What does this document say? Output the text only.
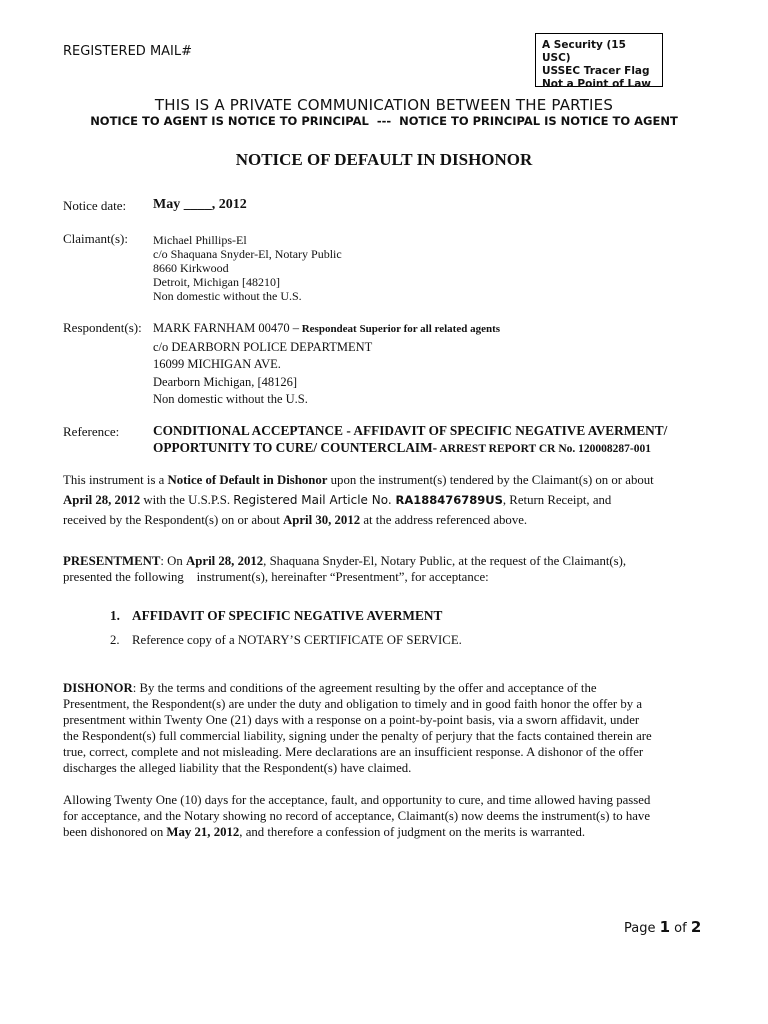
REGISTERED MAIL#	A Security (15 USC)
USSEC Tracer Flag
Not a Point of Law
THIS IS A PRIVATE COMMUNICATION BETWEEN THE PARTIES
NOTICE TO AGENT IS NOTICE TO PRINCIPAL  ---  NOTICE TO PRINCIPAL IS NOTICE TO AGENT
NOTICE OF DEFAULT IN DISHONOR
Notice date: May ____, 2012
Claimant(s): Michael Phillips-El
c/o Shaquana Snyder-El, Notary Public
8660 Kirkwood
Detroit, Michigan [48210]
Non domestic without the U.S.
Respondent(s): MARK FARNHAM 00470 – Respondeat Superior for all related agents
c/o DEARBORN POLICE DEPARTMENT
16099 MICHIGAN AVE.
Dearborn Michigan, [48126]
Non domestic without the U.S.
Reference:	CONDITIONAL ACCEPTANCE - AFFIDAVIT OF SPECIFIC NEGATIVE AVERMENT/
OPPORTUNITY TO CURE/ COUNTERCLAIM- ARREST REPORT CR No. 120008287-001
This instrument is a Notice of Default in Dishonor upon the instrument(s) tendered by the Claimant(s) on or about
April 28, 2012 with the U.S.P.S. Registered Mail Article No. RA188476789US, Return Receipt, and
received by the Respondent(s) on or about April 30, 2012 at the address referenced above.
PRESENTMENT: On April 28, 2012, Shaquana Snyder-El, Notary Public, at the request of the Claimant(s),
presented the following    instrument(s), hereinafter “Presentment”, for acceptance:
1. AFFIDAVIT OF SPECIFIC NEGATIVE AVERMENT
2. Reference copy of a NOTARY’S CERTIFICATE OF SERVICE.
DISHONOR: By the terms and conditions of the agreement resulting by the offer and acceptance of the
Presentment, the Respondent(s) are under the duty and obligation to timely and in good faith honor the offer by a
presentment within Twenty One (21) days with a response on a point-by-point basis, via a sworn affidavit, under
the Respondent(s) full commercial liability, signing under the penalty of perjury that the facts contained therein are
true, correct, complete and not misleading. Mere declarations are an insufficient response. A dishonor of the offer
discharges the alleged liability that the Respondent(s) have claimed.
Allowing Twenty One (10) days for the acceptance, fault, and opportunity to cure, and time allowed having passed
for acceptance, and the Notary showing no record of acceptance, Claimant(s) now deems the instrument(s) to have
been dishonored on May 21, 2012, and therefore a confession of judgment on the merits is warranted.
Page 1 of 2
